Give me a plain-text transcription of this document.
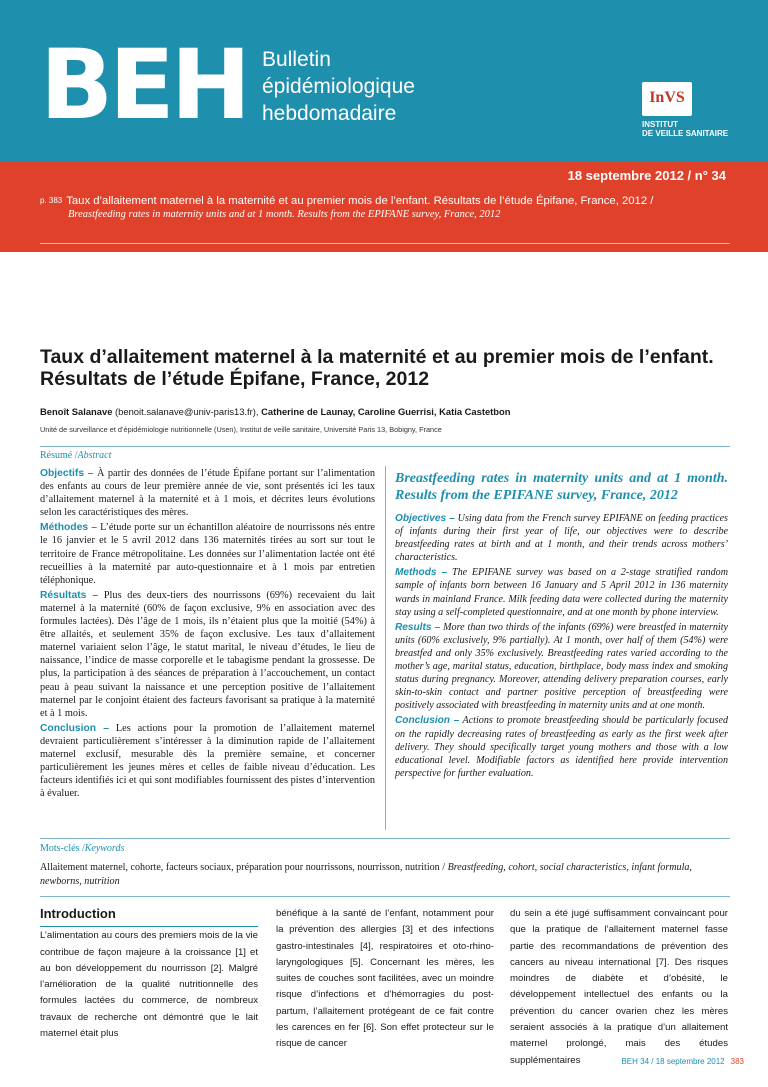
BEH Bulletin
épidémiologique
hebdomadaire
InVS
INSTITUT
DE VEILLE SANITAIRE
18 septembre 2012 / n° 34
p. 383 Taux d’allaitement maternel à la maternité et au premier mois de l’enfant. Résultats de l’étude Épifane, France, 2012 /
Breastfeeding rates in maternity units and at 1 month. Results from the EPIFANE survey, France, 2012
Taux d’allaitement maternel à la maternité et au premier mois de l’enfant. Résultats de l’étude Épifane, France, 2012
Benoît Salanave (benoit.salanave@univ-paris13.fr), Catherine de Launay, Caroline Guerrisi, Katia Castetbon
Unité de surveillance et d’épidémiologie nutritionnelle (Usen), Institut de veille sanitaire, Université Paris 13, Bobigny, France
Résumé /Abstract

Objectifs – À partir des données de l’étude Épifane portant sur l’alimentation des enfants au cours de leur première année de vie, sont présentés ici les taux d’allaitement maternel à la maternité et à 1 mois, et décrites leurs évolutions selon les caractéristiques des mères.

Méthodes – L’étude porte sur un échantillon aléatoire de nourrissons nés entre le 16 janvier et le 5 avril 2012 dans 136 maternités tirées au sort sur tout le territoire de France métropolitaine. Les données sur l’alimentation lactée ont été recueillies à la maternité par auto-questionnaire et à 1 mois par entretien téléphonique.

Résultats – Plus des deux-tiers des nourrissons (69%) recevaient du lait maternel à la maternité (60% de façon exclusive, 9% en association avec des formules lactées). Dès l’âge de 1 mois, ils n’étaient plus que la moitié (54%) à être allaités, et seulement 35% de façon exclusive. Les taux d’allaitement maternel variaient selon l’âge, le statut marital, le niveau d’études, le lieu de naissance, l’indice de masse corporelle et le tabagisme pendant la grossesse. De plus, la participation à des séances de préparation à l’accouchement, un contact peau à peau suivant la naissance et une perception positive de l’allaitement maternel par le conjoint étaient des facteurs favorisant sa pratique à la maternité et à 1 mois.

Conclusion – Les actions pour la promotion de l’allaitement maternel devraient particulièrement s’intéresser à la diminution rapide de l’allaitement maternel exclusif, mesurable dès la première semaine, et concerner particulièrement les jeunes mères et celles de faible niveau d’éducation. Les facteurs identifiés ici et qui sont modifiables fournissent des pistes d’intervention à évaluer.

Breastfeeding rates in maternity units and at 1 month. Results from the EPIFANE survey, France, 2012

Objectives – Using data from the French survey EPIFANE on feeding practices of infants during their first year of life, our objectives were to describe breastfeeding rates at birth and at 1 month, and their trends across mothers’ characteristics.

Methods – The EPIFANE survey was based on a 2-stage stratified random sample of infants born between 16 January and 5 April 2012 in 136 maternity wards in mainland France. Milk feeding data were collected during the maternity stay using a self-completed questionnaire, and at one month by phone interview.

Results – More than two thirds of the infants (69%) were breastfed in maternity units (60% exclusively, 9% partially). At 1 month, over half of them (54%) were breastfed and only 35% exclusively. Breastfeeding rates varied according to the mother’s age, marital status, education, birthplace, body mass index and smoking status during pregnancy. Moreover, attending delivery preparation courses, early skin-to-skin contact and partner positive perception of breastfeeding were positively associated with breastfeeding in maternity units and at one month.

Conclusion – Actions to promote breastfeeding should be particularly focused on the rapidly decreasing rates of breastfeeding as early as the first week after delivery. They should specifically target young mothers and those with a low educational level. Modifiable factors as identified here provide intervention perspective for further evaluation.

Mots-clés /Keywords
Allaitement maternel, cohorte, facteurs sociaux, préparation pour nourrissons, nourrisson, nutrition / Breastfeeding, cohort, social characteristics, infant formula, newborns, nutrition
Introduction
L’alimentation au cours des premiers mois de la vie contribue de façon majeure à la croissance [1] et au bon développement du nourrisson [2]. Malgré l’amélioration de la qualité nutritionnelle des formules lactées du commerce, de nombreux travaux de recherche ont démontré que le lait maternel était plus
bénéfique à la santé de l’enfant, notamment pour la prévention des allergies [3] et des infections gastro-intestinales [4], respiratoires et oto-rhino-laryngologiques [5]. Concernant les mères, les suites de couches sont facilitées, avec un moindre risque d’infections et d’hémorragies du post-partum, l’allaitement protégeant de ce fait contre les carences en fer [6]. Son effet protecteur sur le risque de cancer
du sein a été jugé suffisamment convaincant pour que la pratique de l’allaitement maternel fasse partie des recommandations de prévention des cancers au niveau international [7]. Des risques moindres de diabète et d’obésité, le développement intellectuel des enfants ou la prévention du cancer ovarien chez les mères seraient associés à la pratique d’un allaitement maternel prolongé, mais des études supplémentaires	BEH 34 / 18 septembre 2012 383
